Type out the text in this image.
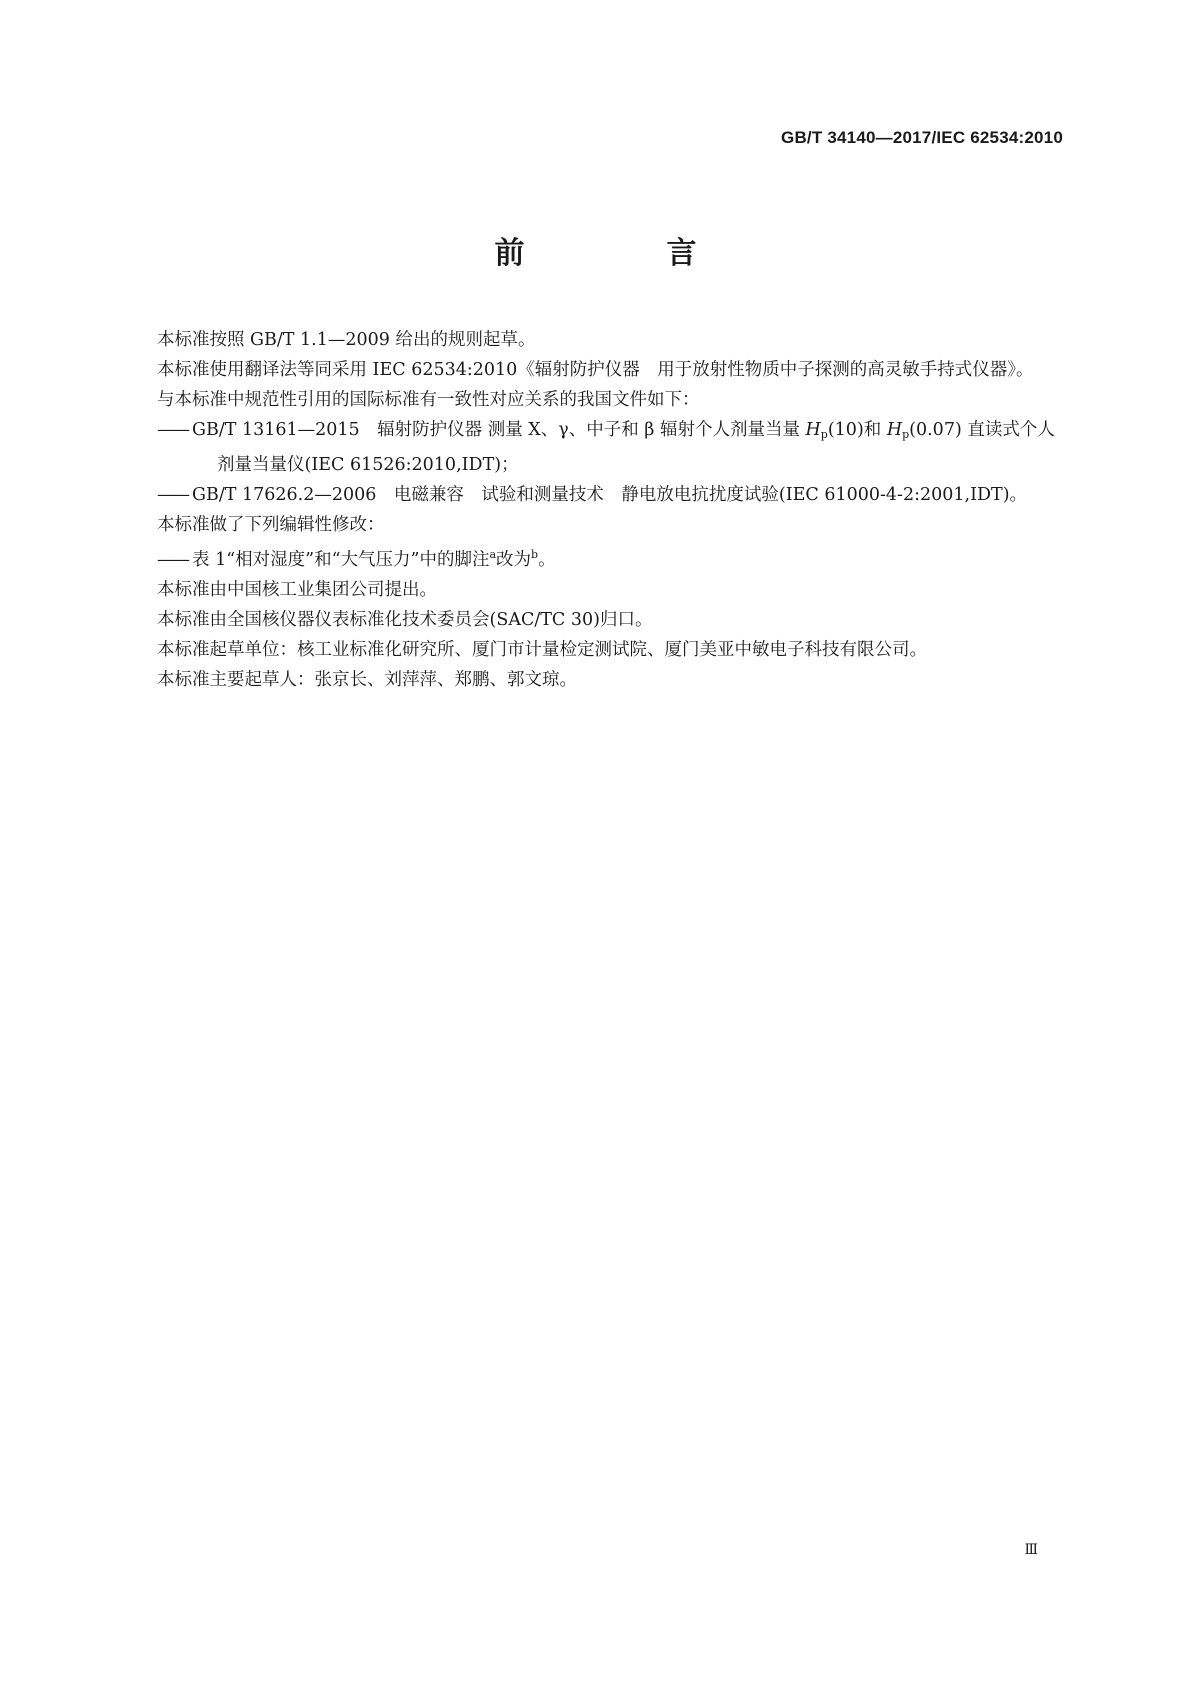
GB/T 34140—2017/IEC 62534:2010
前　言

本标准按照 GB/T 1.1—2009 给出的规则起草。

本标准使用翻译法等同采用 IEC 62534:2010《辐射防护仪器　用于放射性物质中子探测的高灵敏手持式仪器》。

与本标准中规范性引用的国际标准有一致性对应关系的我国文件如下：

—— GB/T 13161—2015　辐射防护仪器 测量 X、γ、中子和 β 辐射个人剂量当量 $H_p(10)$和 $H_p(0.07)$ 直读式个人剂量当量仪(IEC 61526:2010,IDT)；

—— GB/T 17626.2—2006　电磁兼容　试验和测量技术　静电放电抗扰度试验(IEC 61000-4-2:2001,IDT)。

本标准做了下列编辑性修改：

—— 表 1“相对湿度”和“大气压力”中的脚注$^a$改为$^b$。

本标准由中国核工业集团公司提出。

本标准由全国核仪器仪表标准化技术委员会(SAC/TC 30)归口。

本标准起草单位：核工业标准化研究所、厦门市计量检定测试院、厦门美亚中敏电子科技有限公司。

本标准主要起草人：张京长、刘萍萍、郑鹏、郭文琼。

Ⅲ
